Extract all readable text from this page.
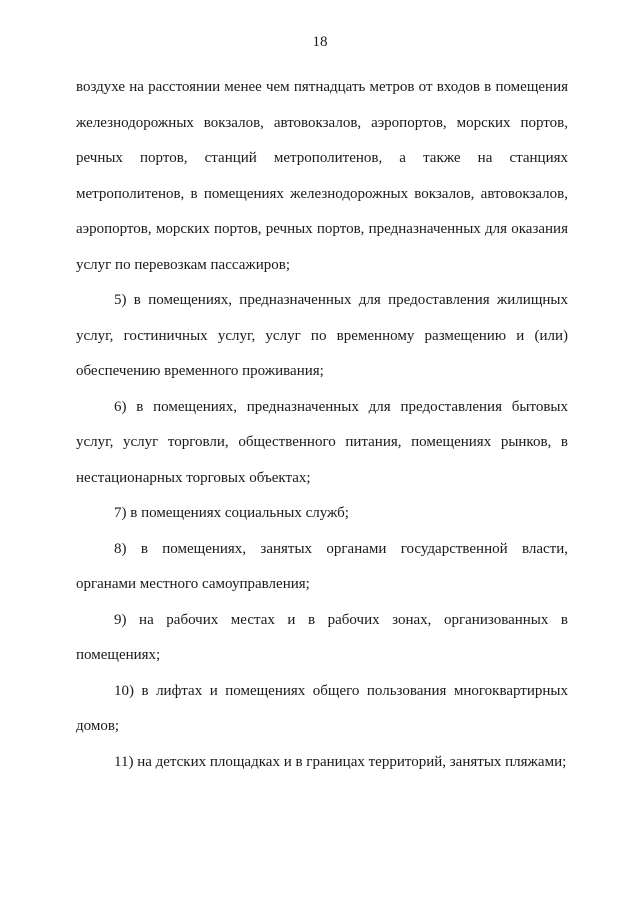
18

воздухе на расстоянии менее чем пятнадцать метров от входов в помещения железнодорожных вокзалов, автовокзалов, аэропортов, морских портов, речных портов, станций метрополитенов, а также на станциях метрополитенов, в помещениях железнодорожных вокзалов, автовокзалов, аэропортов, морских портов, речных портов, предназначенных для оказания услуг по перевозкам пассажиров;

5) в помещениях, предназначенных для предоставления жилищных услуг, гостиничных услуг, услуг по временному размещению и (или) обеспечению временного проживания;

6) в помещениях, предназначенных для предоставления бытовых услуг, услуг торговли, общественного питания, помещениях рынков, в нестационарных торговых объектах;

7) в помещениях социальных служб;

8) в помещениях, занятых органами государственной власти, органами местного самоуправления;

9) на рабочих местах и в рабочих зонах, организованных в помещениях;

10) в лифтах и помещениях общего пользования многоквартирных домов;

11) на детских площадках и в границах территорий, занятых пляжами;
